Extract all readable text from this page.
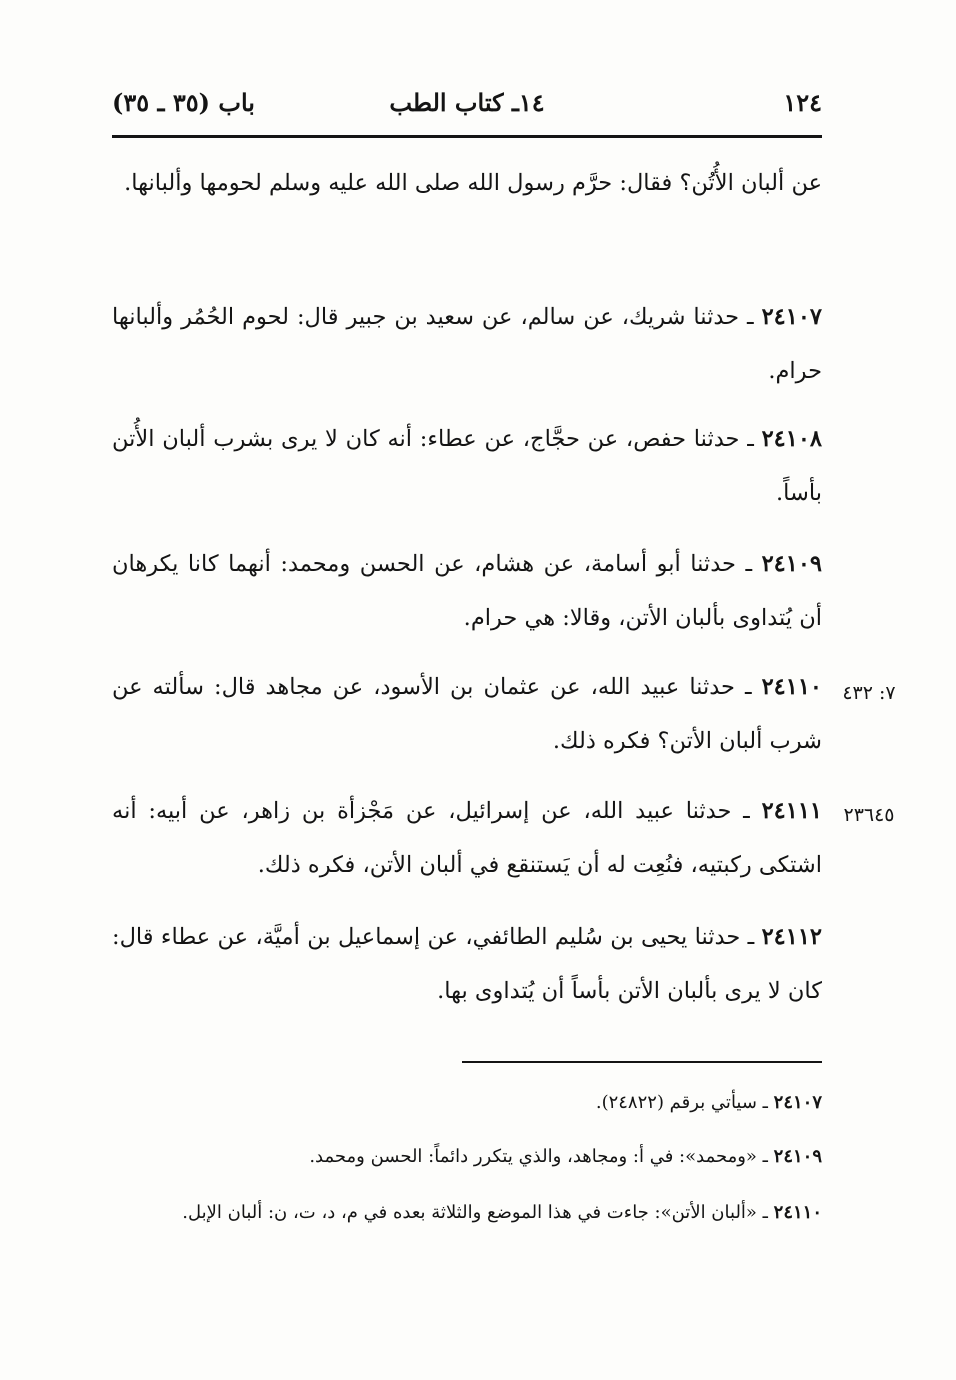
١٢٤
١٤ـ كتاب الطب
باب (٣٥ ـ ٣٥)

عن ألبان الأُتُن؟ فقال: حرَّم رسول الله صلى الله عليه وسلم لحومها وألبانها.

٢٤١٠٧ ـ حدثنا شريك، عن سالم، عن سعيد بن جبير قال: لحوم الحُمُر وألبانها حرام.

٢٤١٠٨ ـ حدثنا حفص، عن حجَّاج، عن عطاء: أنه كان لا يرى بشرب ألبان الأُتن بأساً.

٢٤١٠٩ ـ حدثنا أبو أسامة، عن هشام، عن الحسن ومحمد: أنهما كانا يكرهان أن يُتداوى بألبان الأتن، وقالا: هي حرام.

٧: ٤٣٢

٢٤١١٠ ـ حدثنا عبيد الله، عن عثمان بن الأسود، عن مجاهد قال: سألته عن شرب ألبان الأتن؟ فكره ذلك.

٢٣٦٤٥

٢٤١١١ ـ حدثنا عبيد الله، عن إسرائيل، عن مَجْزأة بن زاهر، عن أبيه: أنه اشتكى ركبتيه، فنُعِت له أن يَستنقع في ألبان الأتن، فكره ذلك.

٢٤١١٢ ـ حدثنا يحيى بن سُليم الطائفي، عن إسماعيل بن أميَّة، عن عطاء قال: كان لا يرى بألبان الأتن بأساً أن يُتداوى بها.

٢٤١٠٧ ـ سيأتي برقم (٢٤٨٢٢).

٢٤١٠٩ ـ «ومحمد»: في أ: ومجاهد، والذي يتكرر دائماً: الحسن ومحمد.

٢٤١١٠ ـ «ألبان الأتن»: جاءت في هذا الموضع والثلاثة بعده في م، د، ت، ن: ألبان الإبل.
